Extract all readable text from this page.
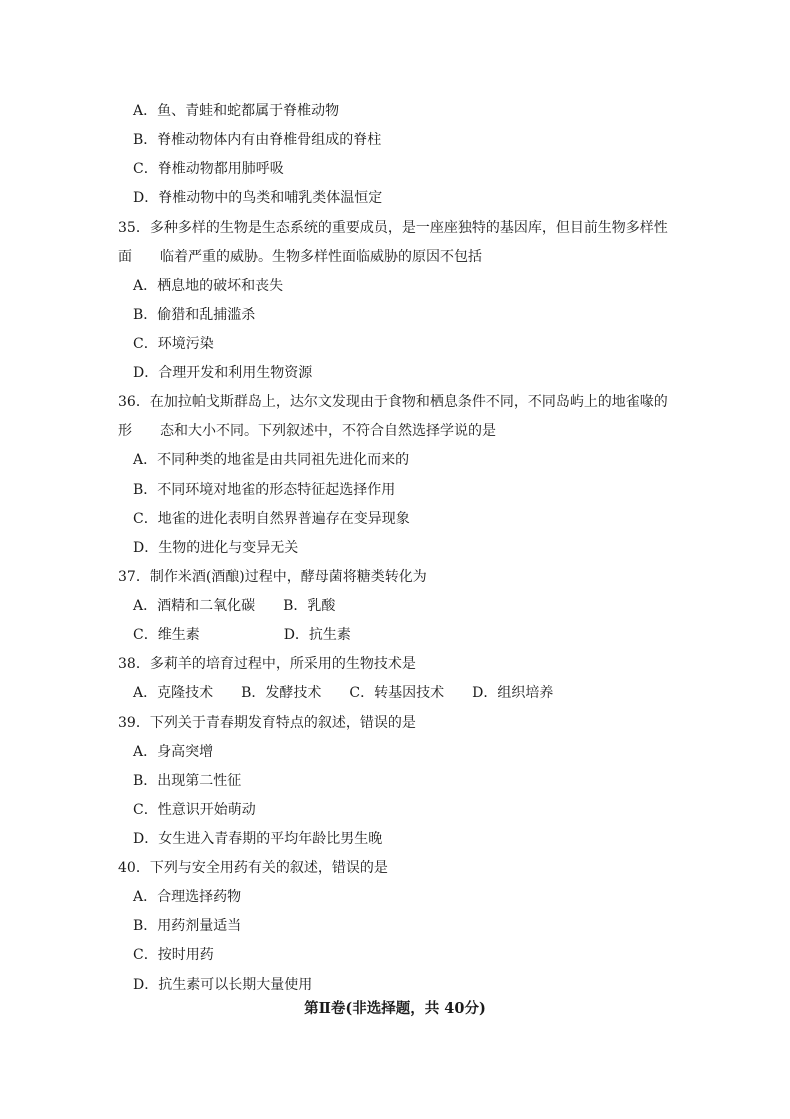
A．鱼、青蛙和蛇都属于脊椎动物
B．脊椎动物体内有由脊椎骨组成的脊柱
C．脊椎动物都用肺呼吸
D．脊椎动物中的鸟类和哺乳类体温恒定
35．多种多样的生物是生态系统的重要成员，是一座座独特的基因库，但目前生物多样性
面　　临着严重的威胁。生物多样性面临威胁的原因不包括
A．栖息地的破坏和丧失
B．偷猎和乱捕滥杀
C．环境污染
D．合理开发和利用生物资源
36．在加拉帕戈斯群岛上，达尔文发现由于食物和栖息条件不同，不同岛屿上的地雀喙的
形　　态和大小不同。下列叙述中，不符合自然选择学说的是
A．不同种类的地雀是由共同祖先进化而来的
B．不同环境对地雀的形态特征起选择作用
C．地雀的进化表明自然界普遍存在变异现象
D．生物的进化与变异无关
37．制作米酒(酒酿)过程中，酵母菌将糖类转化为
A．酒精和二氧化碳　　B．乳酸
C．维生素　　　　　　D．抗生素
38．多莉羊的培育过程中，所采用的生物技术是
A．克隆技术　　B．发酵技术　　C．转基因技术　　D．组织培养
39．下列关于青春期发育特点的叙述，错误的是
A．身高突增
B．出现第二性征
C．性意识开始萌动
D．女生进入青春期的平均年龄比男生晚
40．下列与安全用药有关的叙述，错误的是
A．合理选择药物
B．用药剂量适当
C．按时用药
D．抗生素可以长期大量使用
第Ⅱ卷(非选择题，共 40分)
